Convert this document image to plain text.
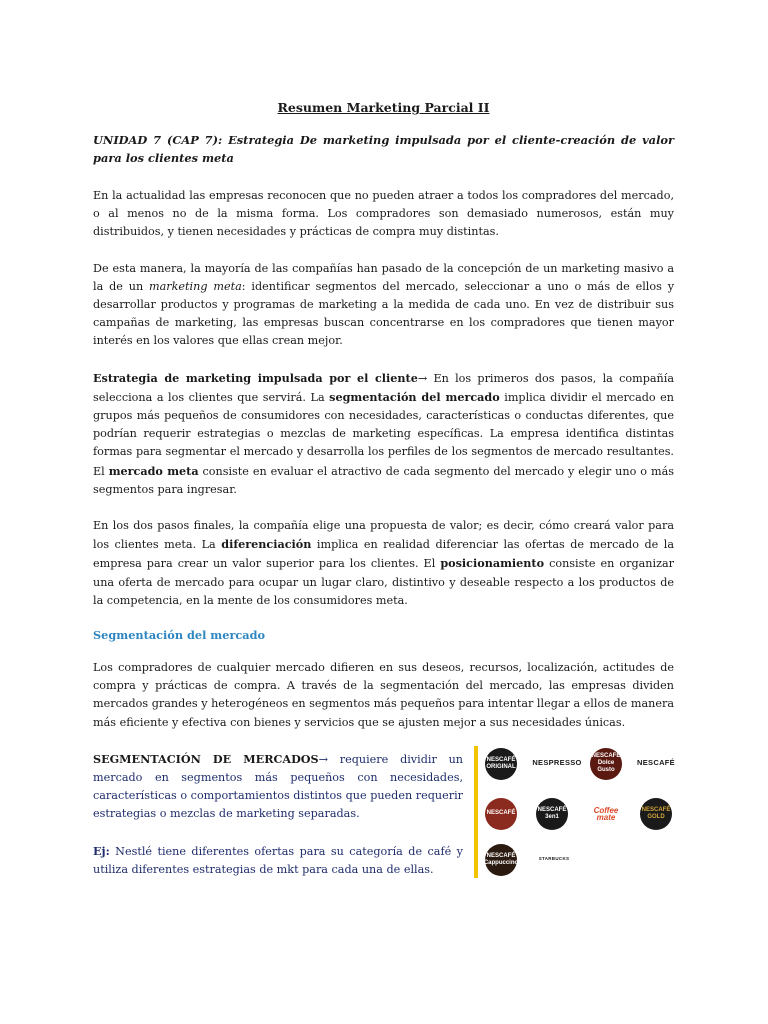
Resumen Marketing Parcial II
UNIDAD 7 (CAP 7): Estrategia De marketing impulsada por el cliente-creación de valor para los clientes meta

En la actualidad las empresas reconocen que no pueden atraer a todos los compradores del mercado, o al menos no de la misma forma. Los compradores son demasiado numerosos, están muy distribuidos, y tienen necesidades y prácticas de compra muy distintas.

De esta manera, la mayoría de las compañías han pasado de la concepción de un marketing masivo a la de un marketing meta: identificar segmentos del mercado, seleccionar a uno o más de ellos y desarrollar productos y programas de marketing a la medida de cada uno. En vez de distribuir sus campañas de marketing, las empresas buscan concentrarse en los compradores que tienen mayor interés en los valores que ellas crean mejor.

Estrategia de marketing impulsada por el cliente→ En los primeros dos pasos, la compañía selecciona a los clientes que servirá. La segmentación del mercado implica dividir el mercado en grupos más pequeños de consumidores con necesidades, características o conductas diferentes, que podrían requerir estrategias o mezclas de marketing específicas. La empresa identifica distintas formas para segmentar el mercado y desarrolla los perfiles de los segmentos de mercado resultantes. El mercado meta consiste en evaluar el atractivo de cada segmento del mercado y elegir uno o más segmentos para ingresar.

En los dos pasos finales, la compañía elige una propuesta de valor; es decir, cómo creará valor para los clientes meta. La diferenciación implica en realidad diferenciar las ofertas de mercado de la empresa para crear un valor superior para los clientes. El posicionamiento consiste en organizar una oferta de mercado para ocupar un lugar claro, distintivo y deseable respecto a los productos de la competencia, en la mente de los consumidores meta.

Segmentación del mercado

Los compradores de cualquier mercado difieren en sus deseos, recursos, localización, actitudes de compra y prácticas de compra. A través de la segmentación del mercado, las empresas dividen mercados grandes y heterogéneos en segmentos más pequeños para intentar llegar a ellos de manera más eficiente y efectiva con bienes y servicios que se ajusten mejor a sus necesidades únicas.

SEGMENTACIÓN DE MERCADOS→ requiere dividir un mercado en segmentos más pequeños con necesidades, características o comportamientos distintos que pueden requerir estrategias o mezclas de marketing separadas.

Ej: Nestlé tiene diferentes ofertas para su categoría de café y utiliza diferentes estrategias de mkt para cada una de ellas.

NESCAFÉ ORIGINAL NESPRESSO
NESCAFÉ Dolce Gusto
NESCAFÉ
NESCAFÉ
NESCAFÉ 3en1
Coffee mate
NESCAFÉ GOLD
NESCAFÉ Cappuccino
STARBUCKS
